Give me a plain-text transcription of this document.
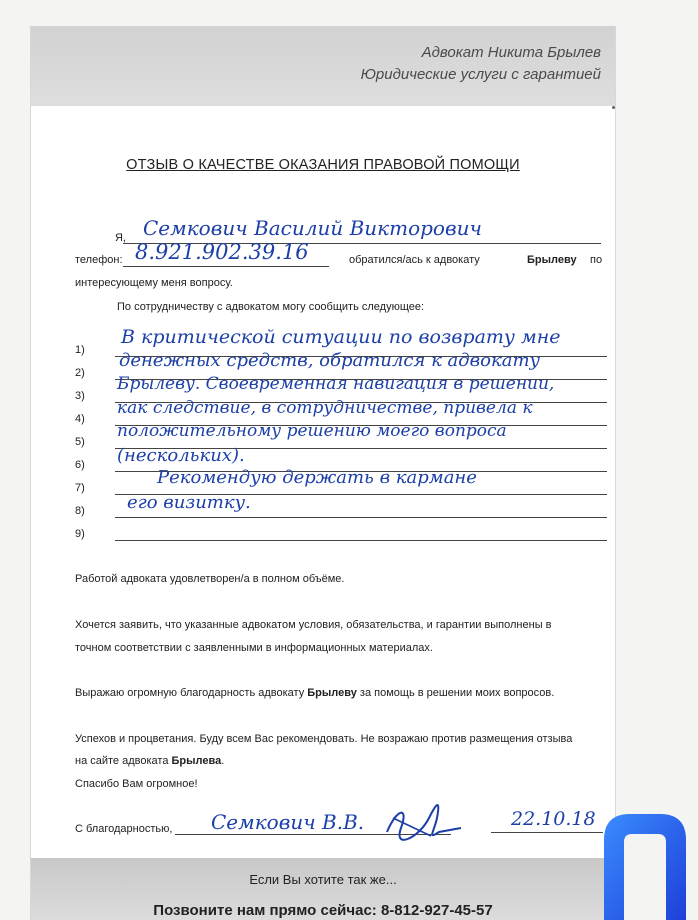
Адвокат Никита Брылев
Юридические услуги с гарантией
ОТЗЫВ О КАЧЕСТВЕ ОКАЗАНИЯ ПРАВОВОЙ ПОМОЩИ
Я, Семкович Василий Викторович
телефон: 8.921.902.39.16	обратился/ась к адвокату	Брылеву по
интересующему меня вопросу.
По сотрудничеству с адвокатом могу сообщить следующее:
1)
В критической ситуации по возврату мне
2)
денежных средств, обратился к адвокату
3)
Брылеву. Своевременная навигация в решении,
4)
как следствие, в сотрудничестве, привела к
5)
положительному решению моего вопроса
6) (нескольких).
7)	Рекомендую держать в кармане
8) его визитку.
9)
Работой адвоката удовлетворен/а в полном объёме.
Хочется заявить, что указанные адвокатом условия, обязательства, и гарантии выполнены в
точном соответствии с заявленными в информационных материалах.
Выражаю огромную благодарность адвокату Брылеву за помощь в решении моих вопросов.
Успехов и процветания. Буду всем Вас рекомендовать. Не возражаю против размещения отзыва
на сайте адвоката Брылева.
Спасибо Вам огромное!
С благодарностью, Семкович В.В.	22.10.18
Если Вы хотите так же...
Позвоните нам прямо сейчас: 8-812-927-45-57
